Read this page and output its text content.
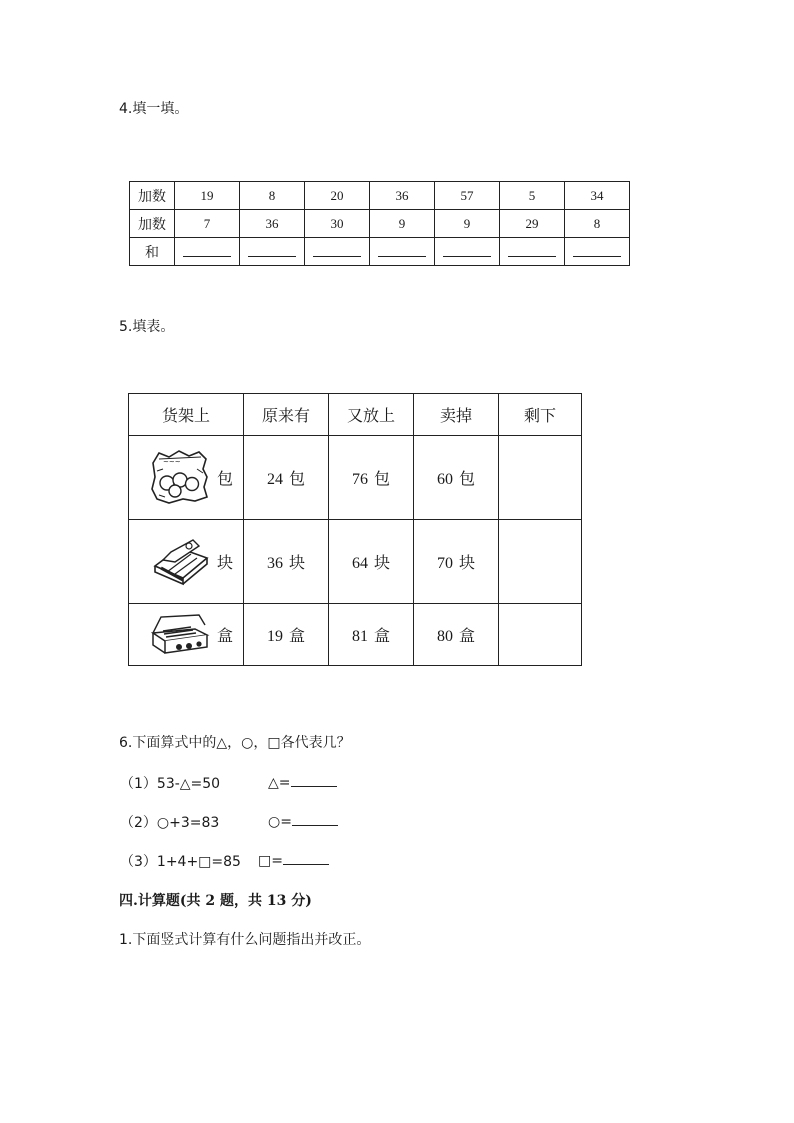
4.填一填。
加数	19	8	20	36	57	5	34
加数	7	36	30	9	9	29	8
和							
5.填表。
货架上	原来有	又放上	卖掉	剩下

~~~
包	24 包	76 包	60 包	

块	36 块	64 块	70 块	

盒	19 盒	81 盒	80 盒	
6.下面算式中的△，○，□各代表几？
（1）53-△=50	△=
（2）○+3=83	○=
（3）1+4+□=85 □=
四.计算题(共 2 题，共 13 分)
1.下面竖式计算有什么问题指出并改正。
